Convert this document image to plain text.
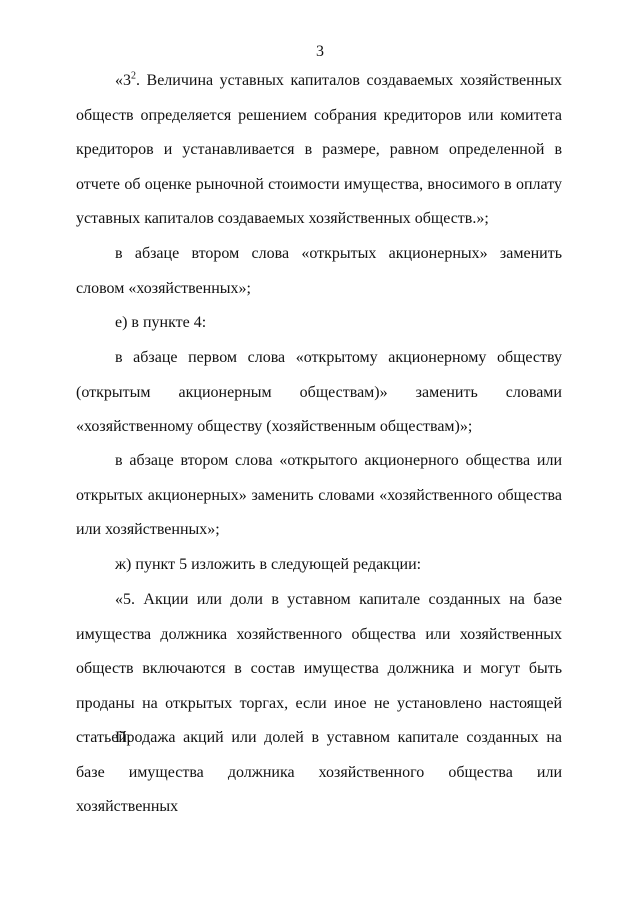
3

«$3^2$. Величина уставных капиталов создаваемых хозяйственных обществ определяется решением собрания кредиторов или комитета кредиторов и устанавливается в размере, равном определенной в отчете об оценке рыночной стоимости имущества, вносимого в оплату уставных капиталов создаваемых хозяйственных обществ.»;

в абзаце втором слова «открытых акционерных» заменить словом «хозяйственных»;

е) в пункте 4:

в абзаце первом слова «открытому акционерному обществу (открытым акционерным обществам)» заменить словами «хозяйственному обществу (хозяйственным обществам)»;

в абзаце втором слова «открытого акционерного общества или открытых акционерных» заменить словами «хозяйственного общества или хозяйственных»;

ж) пункт 5 изложить в следующей редакции:

«5. Акции или доли в уставном капитале созданных на базе имущества должника хозяйственного общества или хозяйственных обществ включаются в состав имущества должника и могут быть проданы на открытых торгах, если иное не установлено настоящей статьей.

Продажа акций или долей в уставном капитале созданных на базе имущества должника хозяйственного общества или хозяйственных
